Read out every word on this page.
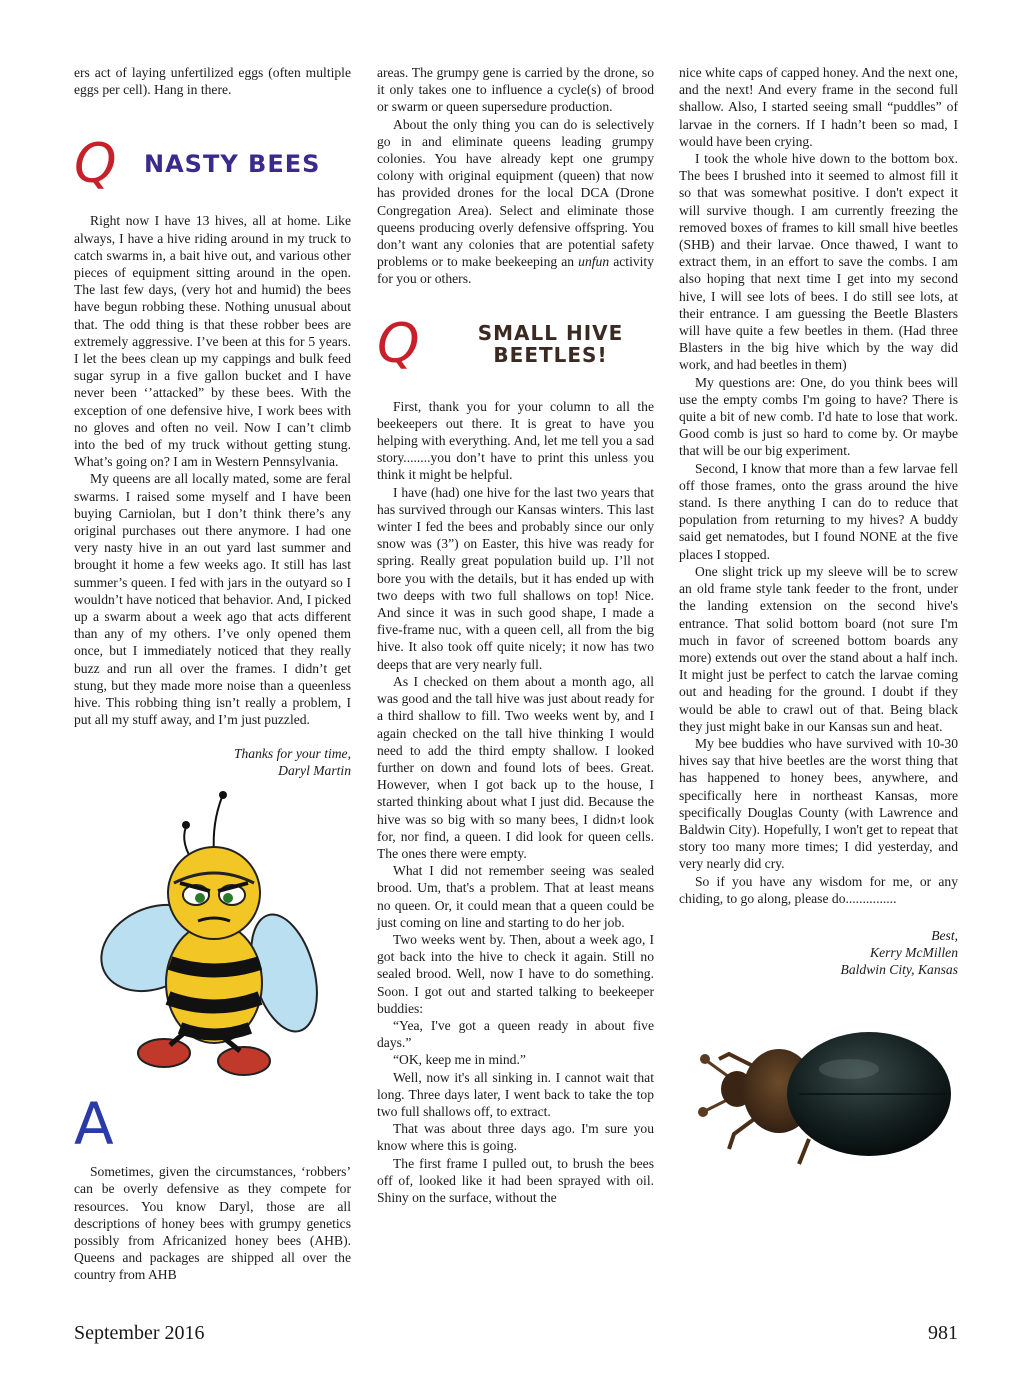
ers act of laying unfertilized eggs (often multiple eggs per cell). Hang in there.

Q	NASTY BEES

Right now I have 13 hives, all at home. Like always, I have a hive riding around in my truck to catch swarms in, a bait hive out, and various other pieces of equipment sitting around in the open. The last few days, (very hot and humid) the bees have begun robbing these. Nothing unusual about that. The odd thing is that these robber bees are extremely aggressive. I’ve been at this for 5 years. I let the bees clean up my cappings and bulk feed sugar syrup in a five gallon bucket and I have never been ‘’attacked” by these bees. With the exception of one defensive hive, I work bees with no gloves and often no veil. Now I can’t climb into the bed of my truck without getting stung. What’s going on? I am in Western Pennsylvania.

My queens are all locally mated, some are feral swarms. I raised some myself and I have been buying Carniolan, but I don’t think there’s any original purchases out there anymore. I had one very nasty hive in an out yard last summer and brought it home a few weeks ago. It still has last summer’s queen. I fed with jars in the outyard so I wouldn’t have noticed that behavior. And, I picked up a swarm about a week ago that acts different than any of my others. I’ve only opened them once, but I immediately noticed that they really buzz and run all over the frames. I didn’t get stung, but they made more noise than a queenless hive. This robbing thing isn’t really a problem, I put all my stuff away, and I’m just puzzled.

Thanks for your time,
Daryl Martin
A

Sometimes, given the circumstances, ‘robbers’ can be overly defensive as they compete for resources. You know Daryl, those are all descriptions of honey bees with grumpy genetics possibly from Africanized honey bees (AHB). Queens and packages are shipped all over the country from AHB

areas. The grumpy gene is carried by the drone, so it only takes one to influence a cycle(s) of brood or swarm or queen supersedure production.

About the only thing you can do is selectively go in and eliminate queens leading grumpy colonies. You have already kept one grumpy colony with original equipment (queen) that now has provided drones for the local DCA (Drone Congregation Area). Select and eliminate those queens producing overly defensive offspring. You don’t want any colonies that are potential safety problems or to make beekeeping an unfun activity for you or others.

Q	SMALL HIVE
BEETLES!

First, thank you for your column to all the beekeepers out there. It is great to have you helping with everything. And, let me tell you a sad story........you don’t have to print this unless you think it might be helpful.

I have (had) one hive for the last two years that has survived through our Kansas winters. This last winter I fed the bees and probably since our only snow was (3”) on Easter, this hive was ready for spring. Really great population build up. I’ll not bore you with the details, but it has ended up with two deeps with two full shallows on top! Nice. And since it was in such good shape, I made a five-frame nuc, with a queen cell, all from the big hive. It also took off quite nicely; it now has two deeps that are very nearly full.

As I checked on them about a month ago, all was good and the tall hive was just about ready for a third shallow to fill. Two weeks went by, and I again checked on the tall hive thinking I would need to add the third empty shallow. I looked further on down and found lots of bees. Great. However, when I got back up to the house, I started thinking about what I just did. Because the hive was so big with so many bees, I didn›t look for, nor find, a queen. I did look for queen cells. The ones there were empty.

What I did not remember seeing was sealed brood. Um, that's a problem. That at least means no queen. Or, it could mean that a queen could be just coming on line and starting to do her job.

Two weeks went by. Then, about a week ago, I got back into the hive to check it again. Still no sealed brood. Well, now I have to do something. Soon. I got out and started talking to beekeeper buddies:

“Yea, I've got a queen ready in about five days.”

“OK, keep me in mind.”

Well, now it's all sinking in. I cannot wait that long. Three days later, I went back to take the top two full shallows off, to extract.

That was about three days ago. I'm sure you know where this is going.

The first frame I pulled out, to brush the bees off of, looked like it had been sprayed with oil. Shiny on the surface, without the

nice white caps of capped honey. And the next one, and the next! And every frame in the second full shallow. Also, I started seeing small “puddles” of larvae in the corners. If I hadn’t been so mad, I would have been crying.

I took the whole hive down to the bottom box. The bees I brushed into it seemed to almost fill it so that was somewhat positive. I don't expect it will survive though. I am currently freezing the removed boxes of frames to kill small hive beetles (SHB) and their larvae. Once thawed, I want to extract them, in an effort to save the combs. I am also hoping that next time I get into my second hive, I will see lots of bees. I do still see lots, at their entrance. I am guessing the Beetle Blasters will have quite a few beetles in them. (Had three Blasters in the big hive which by the way did work, and had beetles in them)

My questions are: One, do you think bees will use the empty combs I'm going to have? There is quite a bit of new comb. I'd hate to lose that work. Good comb is just so hard to come by. Or maybe that will be our big experiment.

Second, I know that more than a few larvae fell off those frames, onto the grass around the hive stand. Is there anything I can do to reduce that population from returning to my hives? A buddy said get nematodes, but I found NONE at the five places I stopped.

One slight trick up my sleeve will be to screw an old frame style tank feeder to the front, under the landing extension on the second hive's entrance. That solid bottom board (not sure I'm much in favor of screened bottom boards any more) extends out over the stand about a half inch. It might just be perfect to catch the larvae coming out and heading for the ground. I doubt if they would be able to crawl out of that. Being black they just might bake in our Kansas sun and heat.

My bee buddies who have survived with 10-30 hives say that hive beetles are the worst thing that has happened to honey bees, anywhere, and specifically here in northeast Kansas, more specifically Douglas County (with Lawrence and Baldwin City). Hopefully, I won't get to repeat that story too many more times; I did yesterday, and very nearly did cry.

So if you have any wisdom for me, or any chiding, to go along, please do...............

Best,
Kerry McMillen
Baldwin City, Kansas
September 2016	981
